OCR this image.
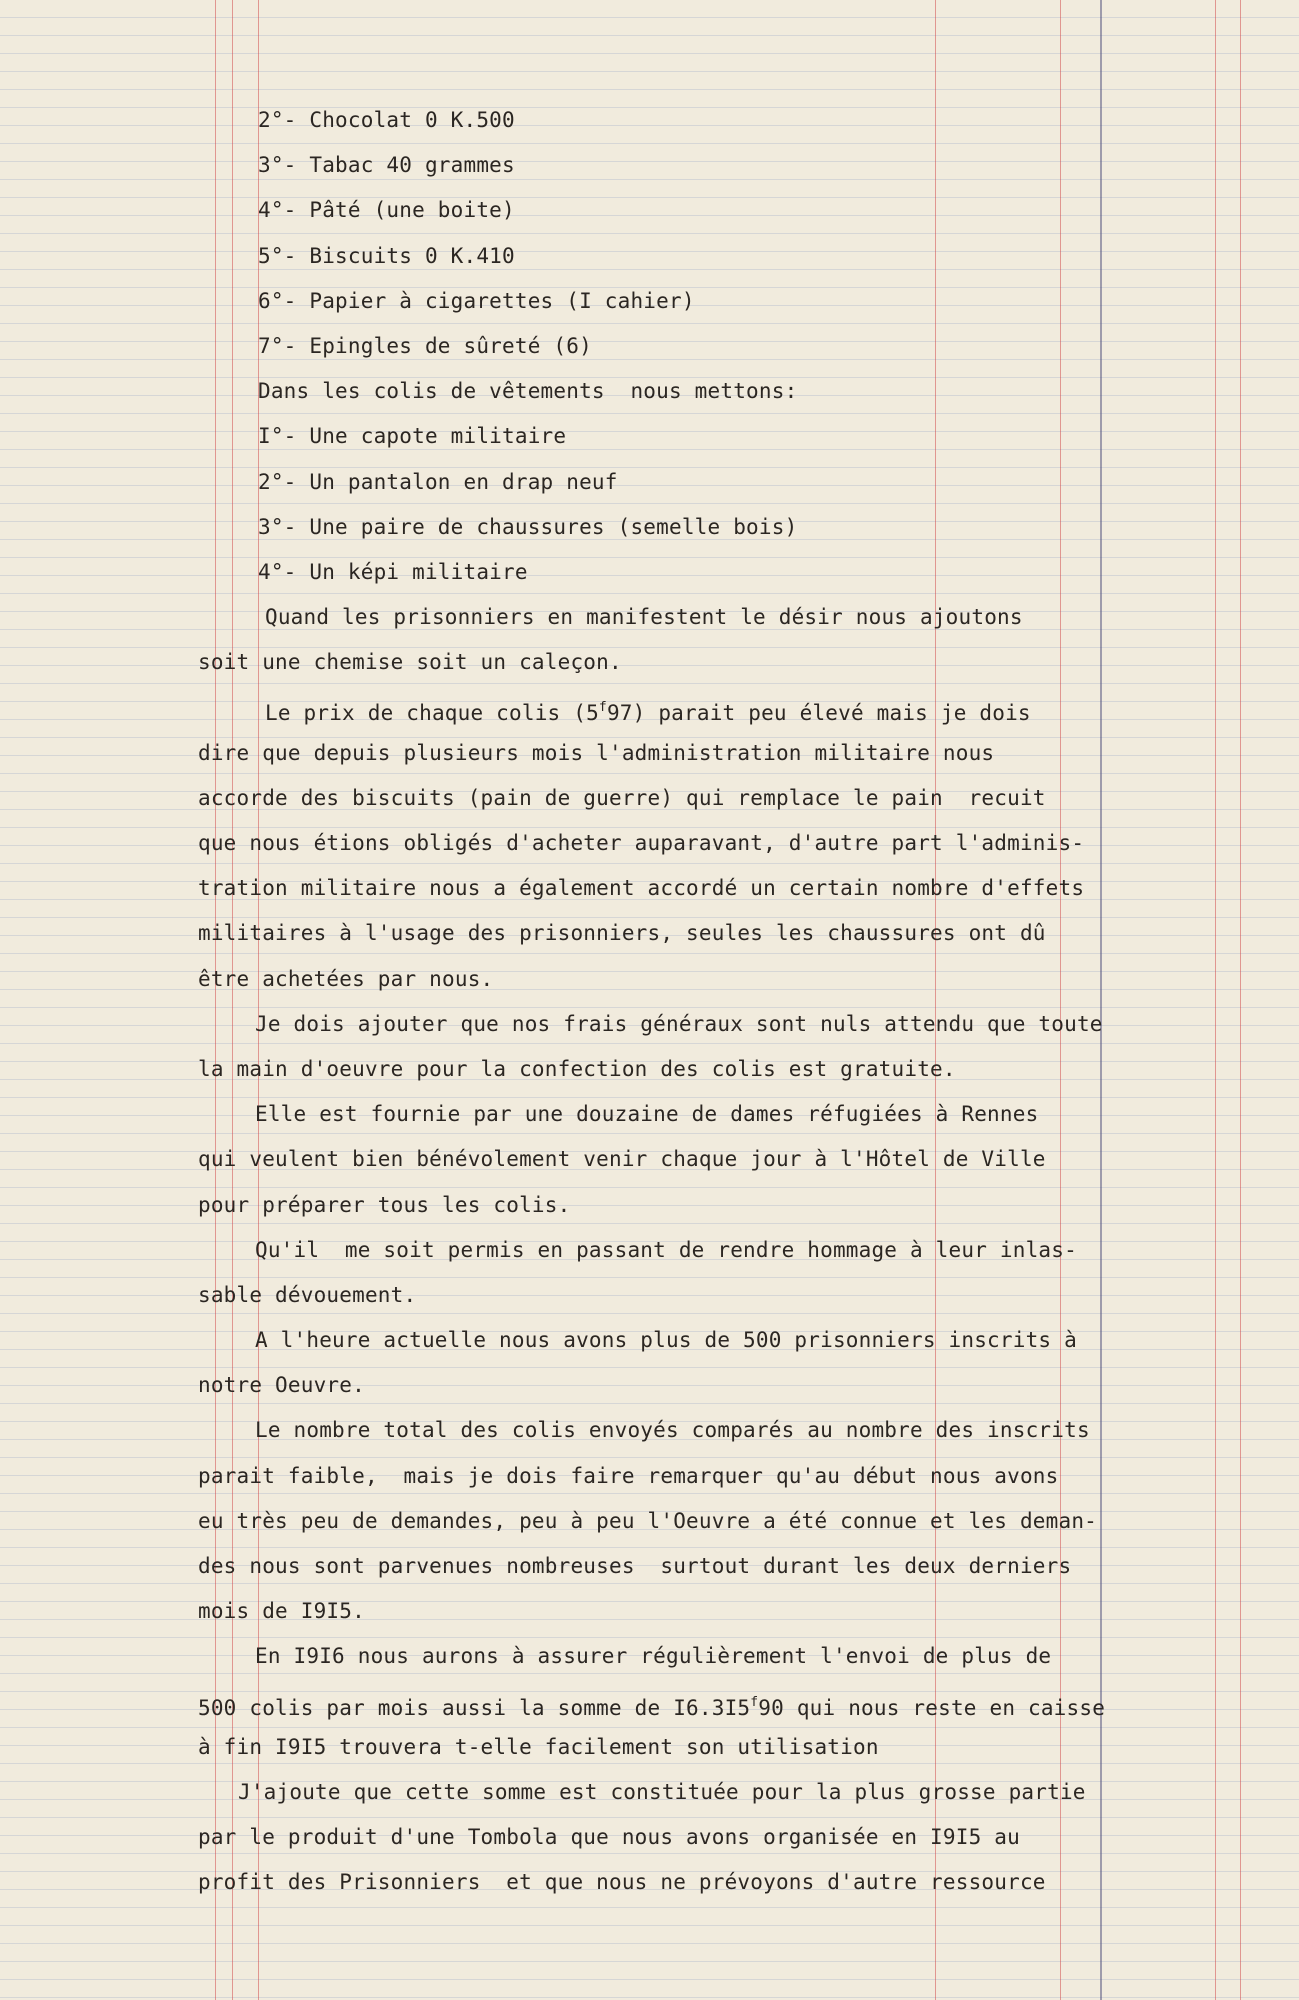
2°- Chocolat 0 K.500
3°- Tabac 40 grammes
4°- Pâté (une boite)
5°- Biscuits 0 K.410
6°- Papier à cigarettes (I cahier)
7°- Epingles de sûreté (6)
Dans les colis de vêtements  nous mettons:
I°- Une capote militaire
2°- Un pantalon en drap neuf
3°- Une paire de chaussures (semelle bois)
4°- Un képi militaire
Quand les prisonniers en manifestent le désir nous ajoutons
soit une chemise soit un caleçon.
Le prix de chaque colis (5$^f$97) parait peu élevé mais je dois
dire que depuis plusieurs mois l'administration militaire nous
accorde des biscuits (pain de guerre) qui remplace le pain  recuit
que nous étions obligés d'acheter auparavant, d'autre part l'adminis-
tration militaire nous a également accordé un certain nombre d'effets
militaires à l'usage des prisonniers, seules les chaussures ont dû
être achetées par nous.
Je dois ajouter que nos frais généraux sont nuls attendu que toute
la main d'oeuvre pour la confection des colis est gratuite.
Elle est fournie par une douzaine de dames réfugiées à Rennes
qui veulent bien bénévolement venir chaque jour à l'Hôtel de Ville
pour préparer tous les colis.
Qu'il  me soit permis en passant de rendre hommage à leur inlas-
sable dévouement.
A l'heure actuelle nous avons plus de 500 prisonniers inscrits à
notre Oeuvre.
Le nombre total des colis envoyés comparés au nombre des inscrits
parait faible,  mais je dois faire remarquer qu'au début nous avons
eu très peu de demandes, peu à peu l'Oeuvre a été connue et les deman-
des nous sont parvenues nombreuses  surtout durant les deux derniers
mois de I9I5.
En I9I6 nous aurons à assurer régulièrement l'envoi de plus de
500 colis par mois aussi la somme de I6.3I5$^f$90 qui nous reste en caisse
à fin I9I5 trouvera t-elle facilement son utilisation
J'ajoute que cette somme est constituée pour la plus grosse partie
par le produit d'une Tombola que nous avons organisée en I9I5 au
profit des Prisonniers  et que nous ne prévoyons d'autre ressource
